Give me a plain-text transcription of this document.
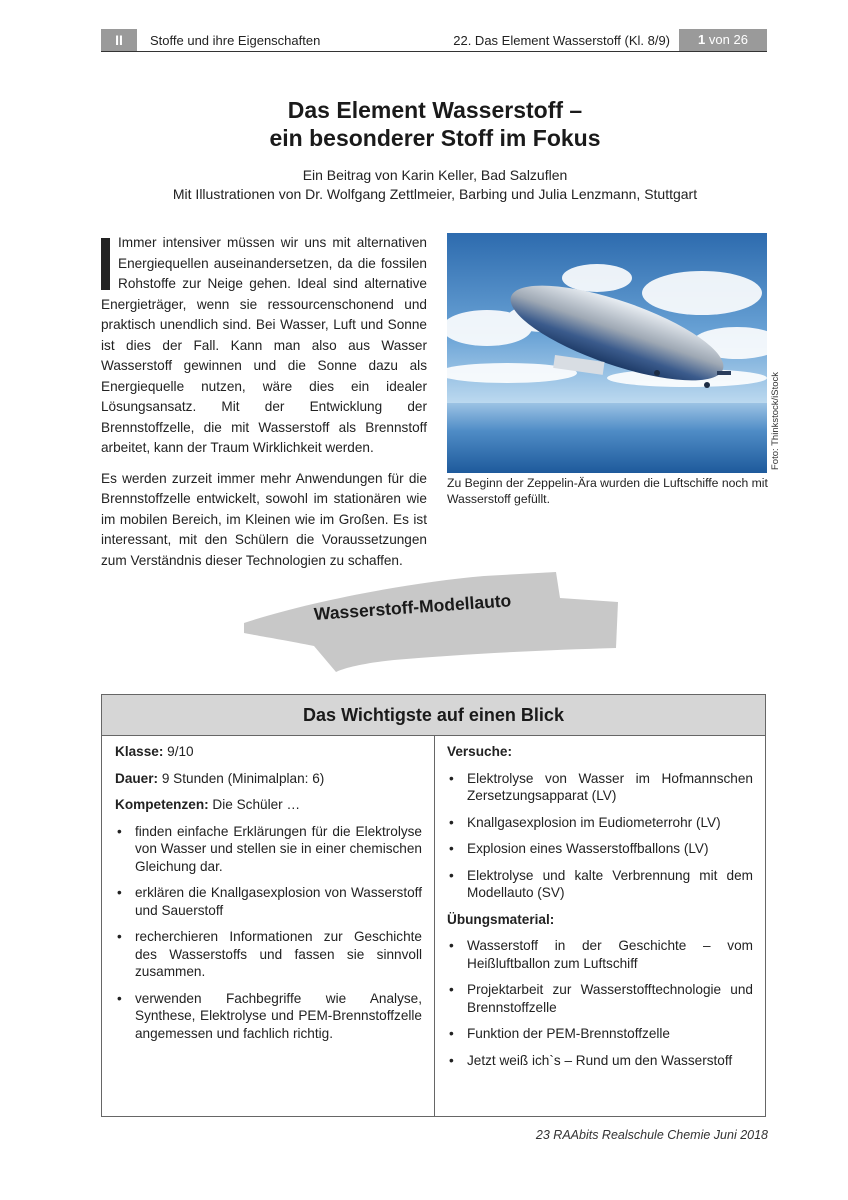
II	Stoffe und ihre Eigenschaften	22. Das Element Wasserstoff (Kl. 8/9)	1 von 26
Das Element Wasserstoff –
ein besonderer Stoff im Fokus
Ein Beitrag von Karin Keller, Bad Salzuflen
Mit Illustrationen von Dr. Wolfgang Zettlmeier, Barbing und Julia Lenzmann, Stuttgart

Immer intensiver müssen wir uns mit alternativen Energiequellen auseinandersetzen, da die fossilen Rohstoffe zur Neige gehen. Ideal sind alternative Energieträger, wenn sie ressourcenschonend und praktisch unendlich sind. Bei Wasser, Luft und Sonne ist dies der Fall. Kann man also aus Wasser Wasserstoff gewinnen und die Sonne dazu als Energiequelle nutzen, wäre dies ein idealer Lösungsansatz. Mit der Entwicklung der Brennstoffzelle, die mit Wasserstoff als Brennstoff arbeitet, kann der Traum Wirklichkeit werden.

Es werden zurzeit immer mehr Anwendungen für die Brennstoffzelle entwickelt, sowohl im stationären wie im mobilen Bereich, im Kleinen wie im Großen. Es ist interessant, mit den Schülern die Voraussetzungen zum Verständnis dieser Technologien zu schaffen.

Foto: Thinkstock/iStock
Zu Beginn der Zeppelin-Ära wurden die Luftschiffe noch mit Wasserstoff gefüllt.
Wasserstoff-Modellauto
Das Wichtigste auf einen Blick
Klasse: 9/10
Dauer: 9 Stunden (Minimalplan: 6)
Kompetenzen: Die Schüler …
• finden einfache Erklärungen für die Elektrolyse von Wasser und stellen sie in einer chemischen Gleichung dar.
• erklären die Knallgasexplosion von Wasserstoff und Sauerstoff
• recherchieren Informationen zur Geschichte des Wasserstoffs und fassen sie sinnvoll zusammen.
• verwenden Fachbegriffe wie Analyse, Synthese, Elektrolyse und PEM-Brennstoffzelle angemessen und fachlich richtig.
Versuche:
• Elektrolyse von Wasser im Hofmannschen Zersetzungsapparat (LV)
• Knallgasexplosion im Eudiometerrohr (LV)
• Explosion eines Wasserstoffballons (LV)
• Elektrolyse und kalte Verbrennung mit dem Modellauto (SV)
Übungsmaterial:
• Wasserstoff in der Geschichte – vom Heißluftballon zum Luftschiff
• Projektarbeit zur Wasserstofftechnologie und Brennstoffzelle
• Funktion der PEM-Brennstoffzelle
• Jetzt weiß ich`s – Rund um den Wasserstoff
23 RAAbits Realschule Chemie Juni 2018
